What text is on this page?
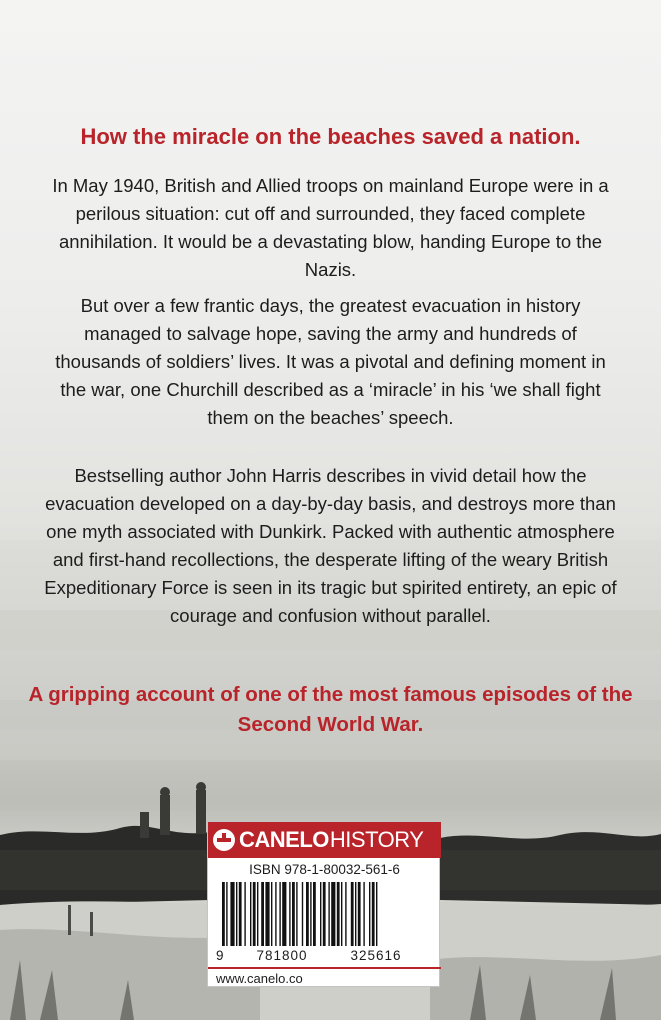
How the miracle on the beaches saved a nation.

In May 1940, British and Allied troops on mainland Europe were in a perilous situation: cut off and surrounded, they faced complete annihilation. It would be a devastating blow, handing Europe to the Nazis.

But over a few frantic days, the greatest evacuation in history managed to salvage hope, saving the army and hundreds of thousands of soldiers’ lives. It was a pivotal and defining moment in the war, one Churchill described as a ‘miracle’ in his ‘we shall fight them on the beaches’ speech.

Bestselling author John Harris describes in vivid detail how the evacuation developed on a day-by-day basis, and destroys more than one myth associated with Dunkirk. Packed with authentic atmosphere and first-hand recollections, the desperate lifting of the weary British Expeditionary Force is seen in its tragic but spirited entirety, an epic of courage and confusion without parallel.

A gripping account of one of the most famous episodes of the Second World War.
CANELO HISTORY
ISBN 978-1-80032-561-6
9	781800	325616
www.canelo.co
